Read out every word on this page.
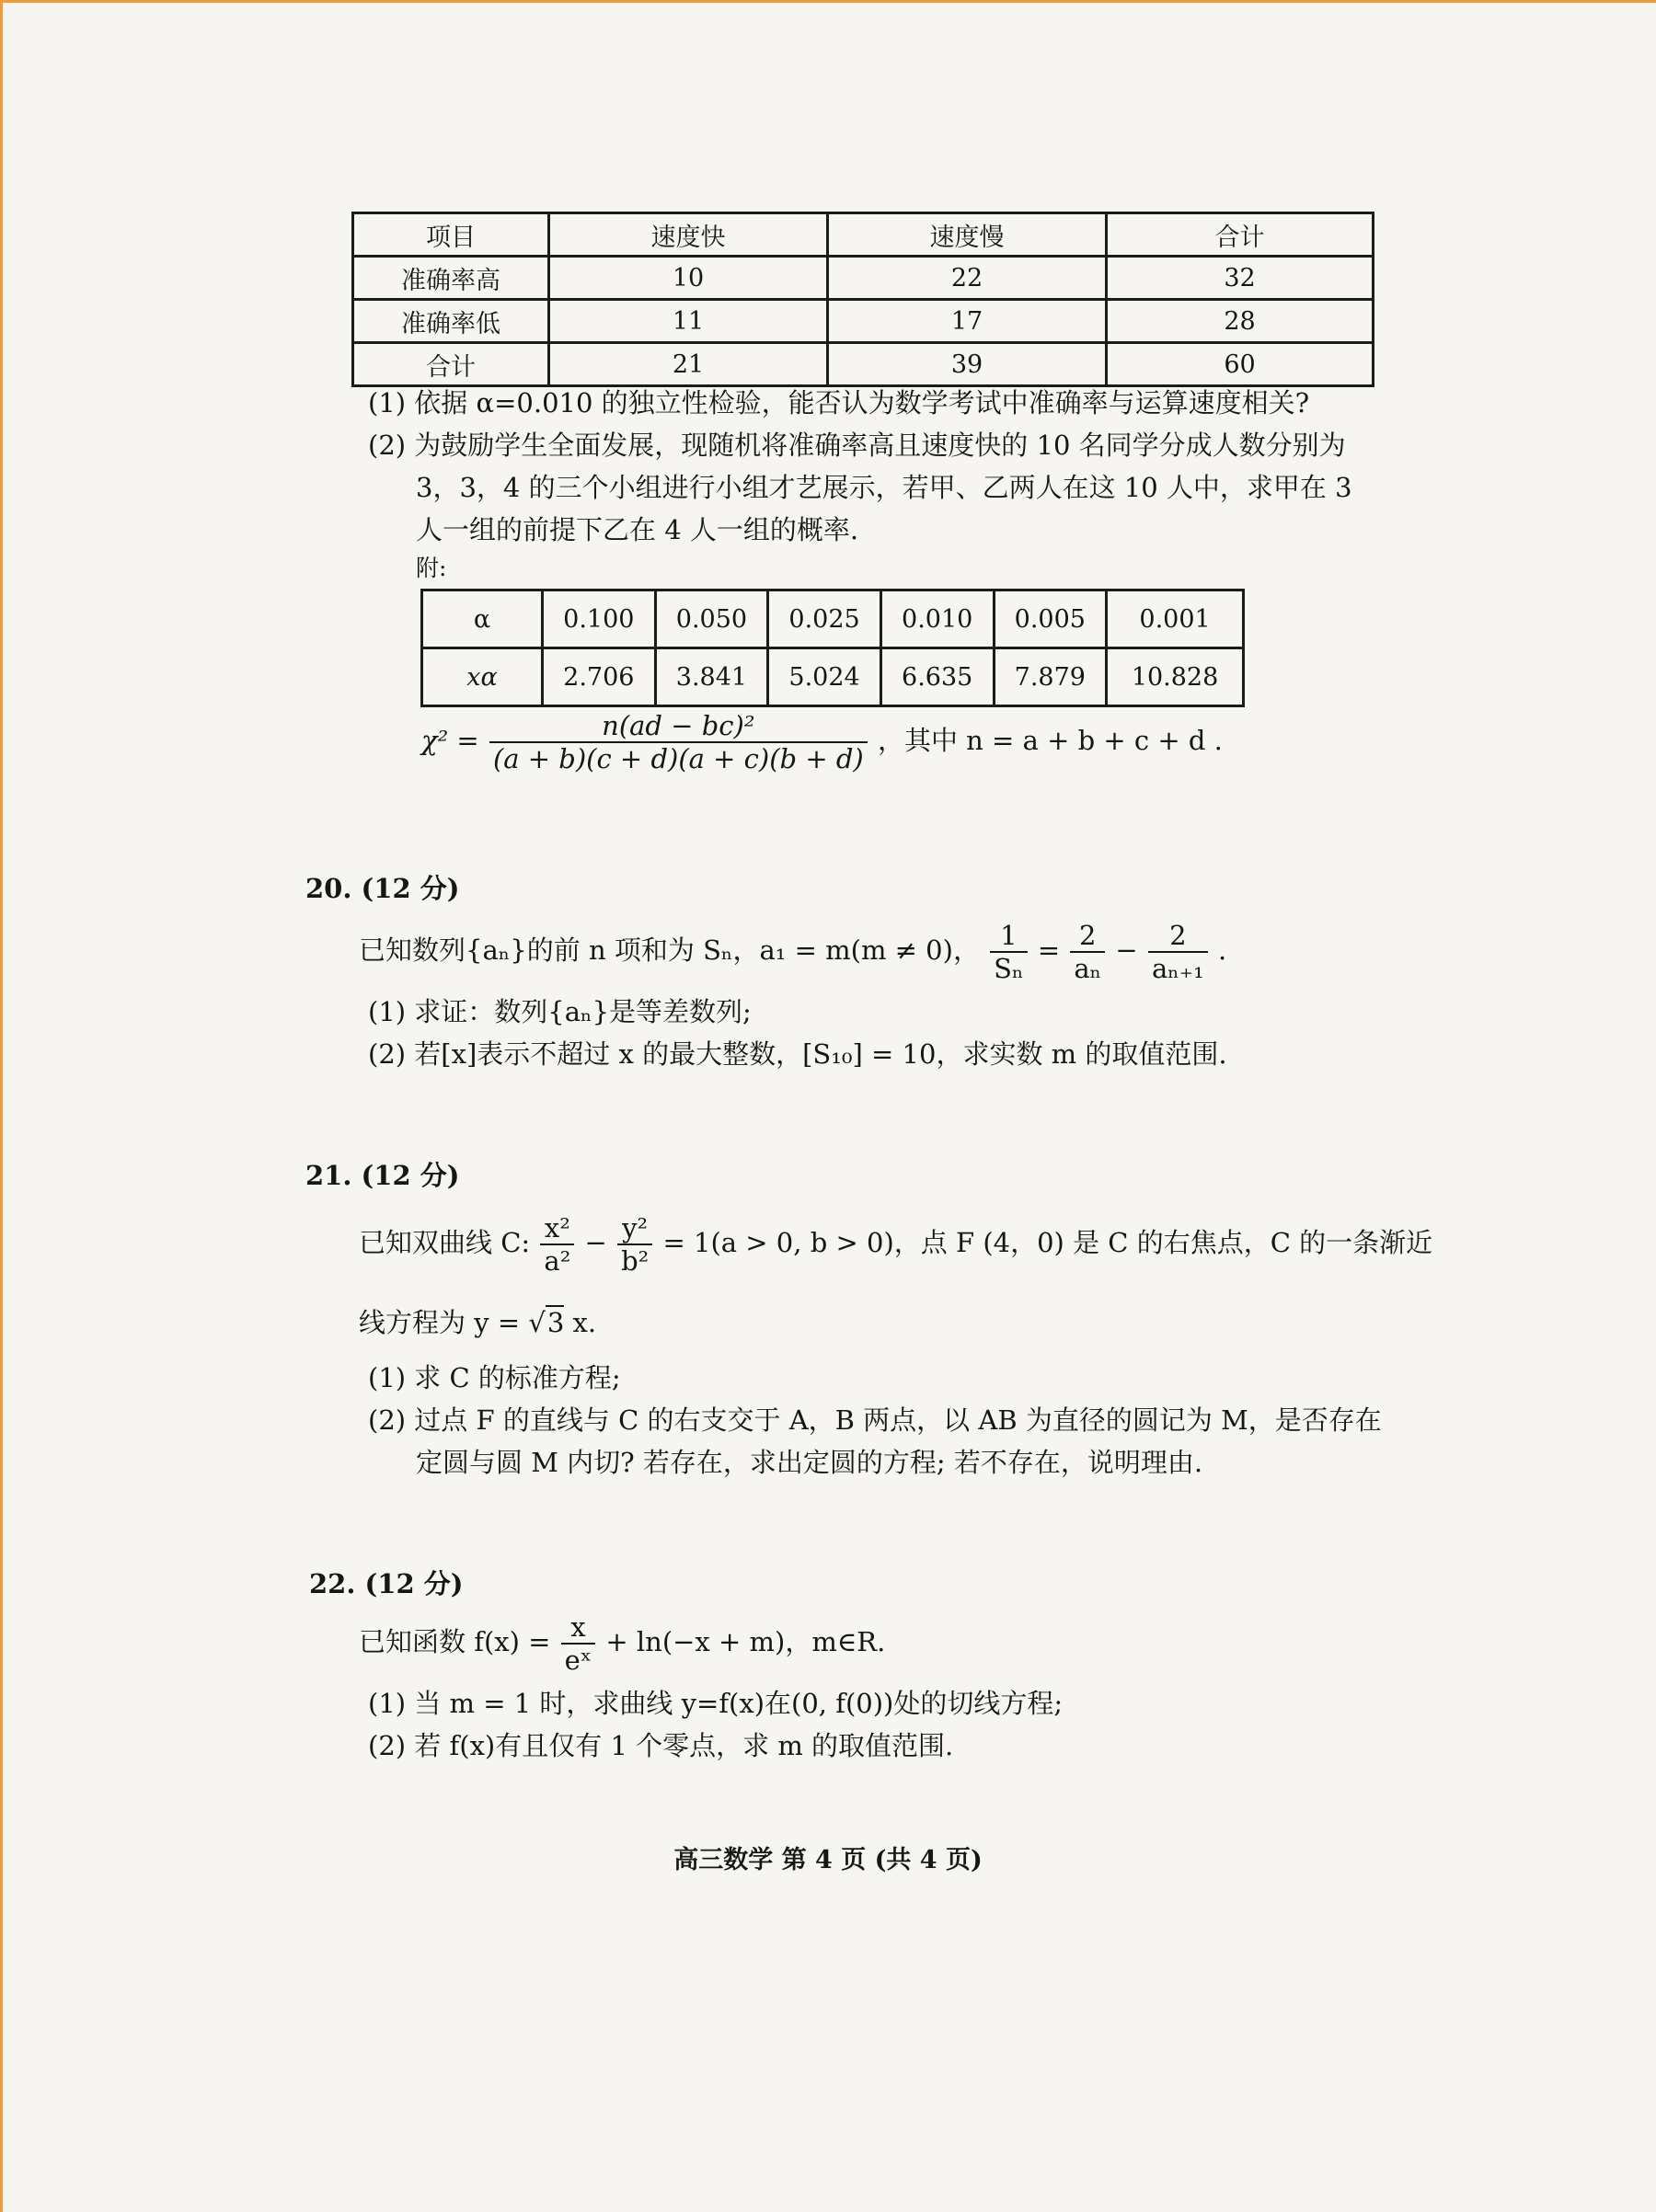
项目	速度快	速度慢	合计
准确率高	10	22	32
准确率低	11	17	28
合计	21	39	60
(1) 依据 α=0.010 的独立性检验，能否认为数学考试中准确率与运算速度相关?
(2) 为鼓励学生全面发展，现随机将准确率高且速度快的 10 名同学分成人数分别为
3，3，4 的三个小组进行小组才艺展示，若甲、乙两人在这 10 人中，求甲在 3
人一组的前提下乙在 4 人一组的概率.
附:
α	0.100	0.050	0.025	0.010	0.005	0.001
xα	2.706	3.841	5.024	6.635	7.879	10.828
$\chi^2 = \frac{\text{n(ad − bc)²}}{(a + b)(c + d)(a + c)(b + d)}$ ，其中 n = a + b + c + d .
20. (12 分)
已知数列{aₙ}的前 n 项和为 Sₙ，a₁ = m(m ≠ 0)， $\frac{1}{\text{Sₙ}} = \frac{2}{\text{aₙ}} - \frac{2}{\text{aₙ₊₁}}$ .
(1) 求证：数列{aₙ}是等差数列;
(2) 若[x]表示不超过 x 的最大整数，[S₁₀] = 10，求实数 m 的取值范围.
21. (12 分)
已知双曲线 C: $\frac{\text{x²}}{\text{a²}} - \frac{\text{y²}}{\text{b²}} = 1(a > 0$, b > 0)，点 F (4，0) 是 C 的右焦点，C 的一条渐近
线方程为 y = √3 x.
(1) 求 C 的标准方程;
(2) 过点 F 的直线与 C 的右支交于 A，B 两点，以 AB 为直径的圆记为 M，是否存在
定圆与圆 M 内切? 若存在，求出定圆的方程; 若不存在，说明理由.
22. (12 分)
已知函数 $f(x) = \frac{x}{\text{eˣ}} + \ln(-x + m)$，m∈R.
(1) 当 m = 1 时，求曲线 y=f(x)在(0, f(0))处的切线方程;
(2) 若 f(x)有且仅有 1 个零点，求 m 的取值范围.
高三数学 第 4 页 (共 4 页)
